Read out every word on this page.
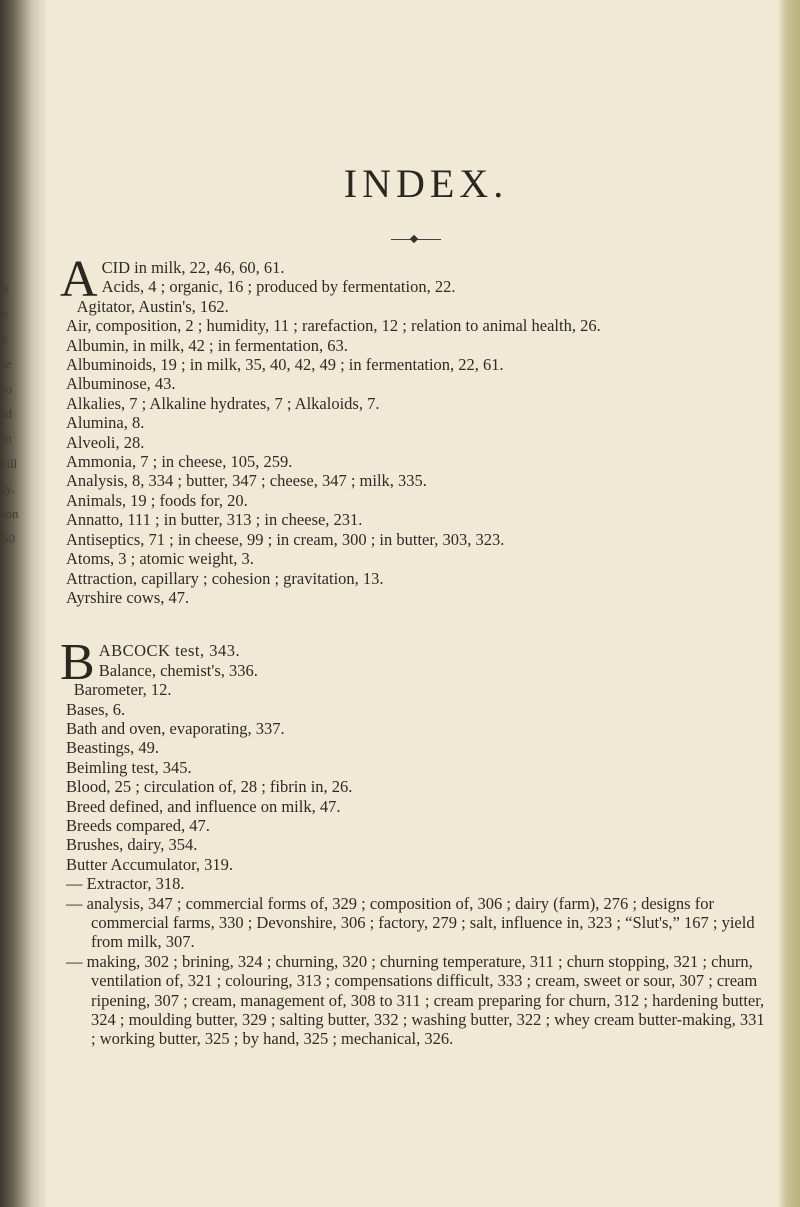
it
e
e
ie
to
ld
ht
rill
ty.
ion
50
INDEX.
A CID in milk, 22, 46, 60, 61.
Acids, 4 ; organic, 16 ; produced by fermentation, 22.
Agitator, Austin's, 162.
Air, composition, 2 ; humidity, 11 ; rarefaction, 12 ; relation to animal health, 26.
Albumin, in milk, 42 ; in fermentation, 63.
Albuminoids, 19 ; in milk, 35, 40, 42, 49 ; in fermentation, 22, 61.
Albuminose, 43.
Alkalies, 7 ; Alkaline hydrates, 7 ; Alkaloids, 7.
Alumina, 8.
Alveoli, 28.
Ammonia, 7 ; in cheese, 105, 259.
Analysis, 8, 334 ; butter, 347 ; cheese, 347 ; milk, 335.
Animals, 19 ; foods for, 20.
Annatto, 111 ; in butter, 313 ; in cheese, 231.
Antiseptics, 71 ; in cheese, 99 ; in cream, 300 ; in butter, 303, 323.
Atoms, 3 ; atomic weight, 3.
Attraction, capillary ; cohesion ; gravitation, 13.
Ayrshire cows, 47.
B ABCOCK test, 343.
Balance, chemist's, 336.
Barometer, 12.
Bases, 6.
Bath and oven, evaporating, 337.
Beastings, 49.
Beimling test, 345.
Blood, 25 ; circulation of, 28 ; fibrin in, 26.
Breed defined, and influence on milk, 47.
Breeds compared, 47.
Brushes, dairy, 354.
Butter Accumulator, 319.
— Extractor, 318.
— analysis, 347 ; commercial forms of, 329 ; composition of, 306 ; dairy (farm), 276 ; designs for commercial farms, 330 ; Devonshire, 306 ; factory, 279 ; salt, influence in, 323 ; “Slut's,” 167 ; yield from milk, 307.
— making, 302 ; brining, 324 ; churning, 320 ; churning temperature, 311 ; churn stopping, 321 ; churn, ventilation of, 321 ; colouring, 313 ; compensations difficult, 333 ; cream, sweet or sour, 307 ; cream ripening, 307 ; cream, management of, 308 to 311 ; cream preparing for churn, 312 ; hardening butter, 324 ; moulding butter, 329 ; salting butter, 332 ; washing butter, 322 ; whey cream butter-making, 331 ; working butter, 325 ; by hand, 325 ; mechanical, 326.
